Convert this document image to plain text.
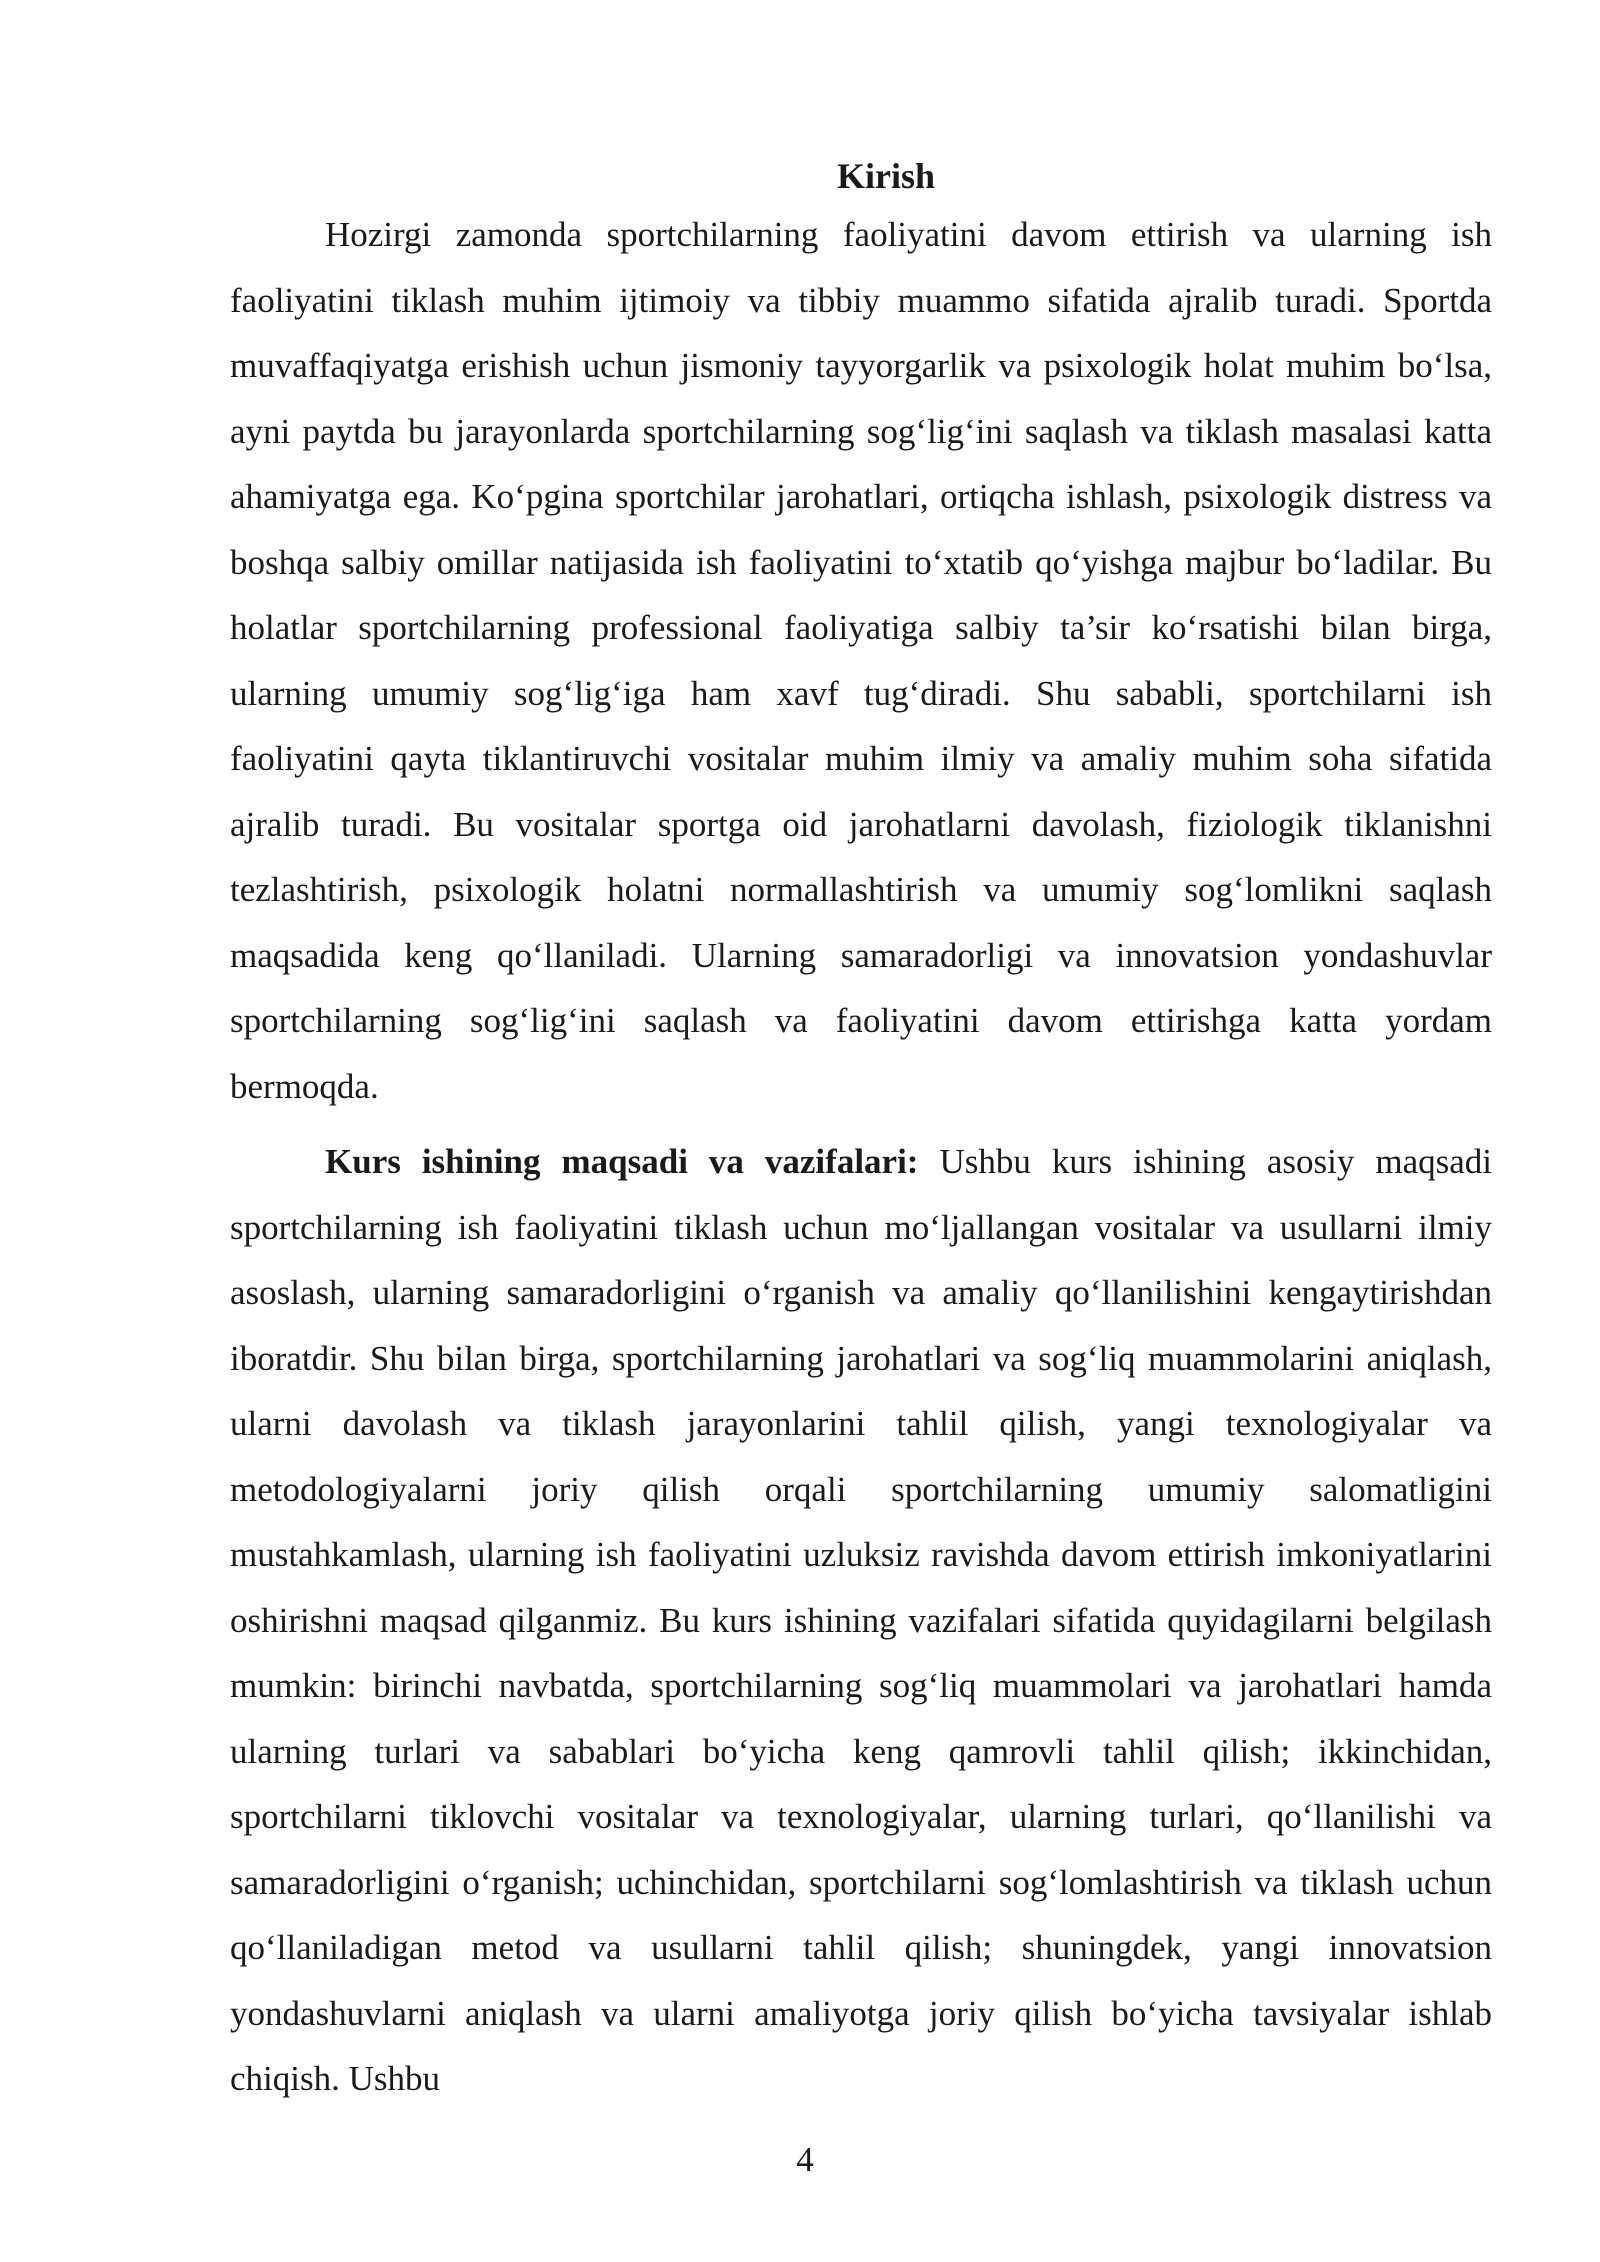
Kirish

Hozirgi zamonda sportchilarning faoliyatini davom ettirish va ularning ish faoliyatini tiklash muhim ijtimoiy va tibbiy muammo sifatida ajralib turadi. Sportda muvaffaqiyatga erishish uchun jismoniy tayyorgarlik va psixologik holat muhim bo‘lsa, ayni paytda bu jarayonlarda sportchilarning sog‘lig‘ini saqlash va tiklash masalasi katta ahamiyatga ega. Ko‘pgina sportchilar jarohatlari, ortiqcha ishlash, psixologik distress va boshqa salbiy omillar natijasida ish faoliyatini to‘xtatib qo‘yishga majbur bo‘ladilar. Bu holatlar sportchilarning professional faoliyatiga salbiy ta’sir ko‘rsatishi bilan birga, ularning umumiy sog‘lig‘iga ham xavf tug‘diradi. Shu sababli, sportchilarni ish faoliyatini qayta tiklantiruvchi vositalar muhim ilmiy va amaliy muhim soha sifatida ajralib turadi. Bu vositalar sportga oid jarohatlarni davolash, fiziologik tiklanishni tezlashtirish, psixologik holatni normallashtirish va umumiy sog‘lomlikni saqlash maqsadida keng qo‘llaniladi. Ularning samaradorligi va innovatsion yondashuvlar sportchilarning sog‘lig‘ini saqlash va faoliyatini davom ettirishga katta yordam bermoqda.

Kurs ishining maqsadi va vazifalari: Ushbu kurs ishining asosiy maqsadi sportchilarning ish faoliyatini tiklash uchun mo‘ljallangan vositalar va usullarni ilmiy asoslash, ularning samaradorligini o‘rganish va amaliy qo‘llanilishini kengaytirishdan iboratdir. Shu bilan birga, sportchilarning jarohatlari va sog‘liq muammolarini aniqlash, ularni davolash va tiklash jarayonlarini tahlil qilish, yangi texnologiyalar va metodologiyalarni joriy qilish orqali sportchilarning umumiy salomatligini mustahkamlash, ularning ish faoliyatini uzluksiz ravishda davom ettirish imkoniyatlarini oshirishni maqsad qilganmiz. Bu kurs ishining vazifalari sifatida quyidagilarni belgilash mumkin: birinchi navbatda, sportchilarning sog‘liq muammolari va jarohatlari hamda ularning turlari va sabablari bo‘yicha keng qamrovli tahlil qilish; ikkinchidan, sportchilarni tiklovchi vositalar va texnologiyalar, ularning turlari, qo‘llanilishi va samaradorligini o‘rganish; uchinchidan, sportchilarni sog‘lomlashtirish va tiklash uchun qo‘llaniladigan metod va usullarni tahlil qilish; shuningdek, yangi innovatsion yondashuvlarni aniqlash va ularni amaliyotga joriy qilish bo‘yicha tavsiyalar ishlab chiqish. Ushbu

4
